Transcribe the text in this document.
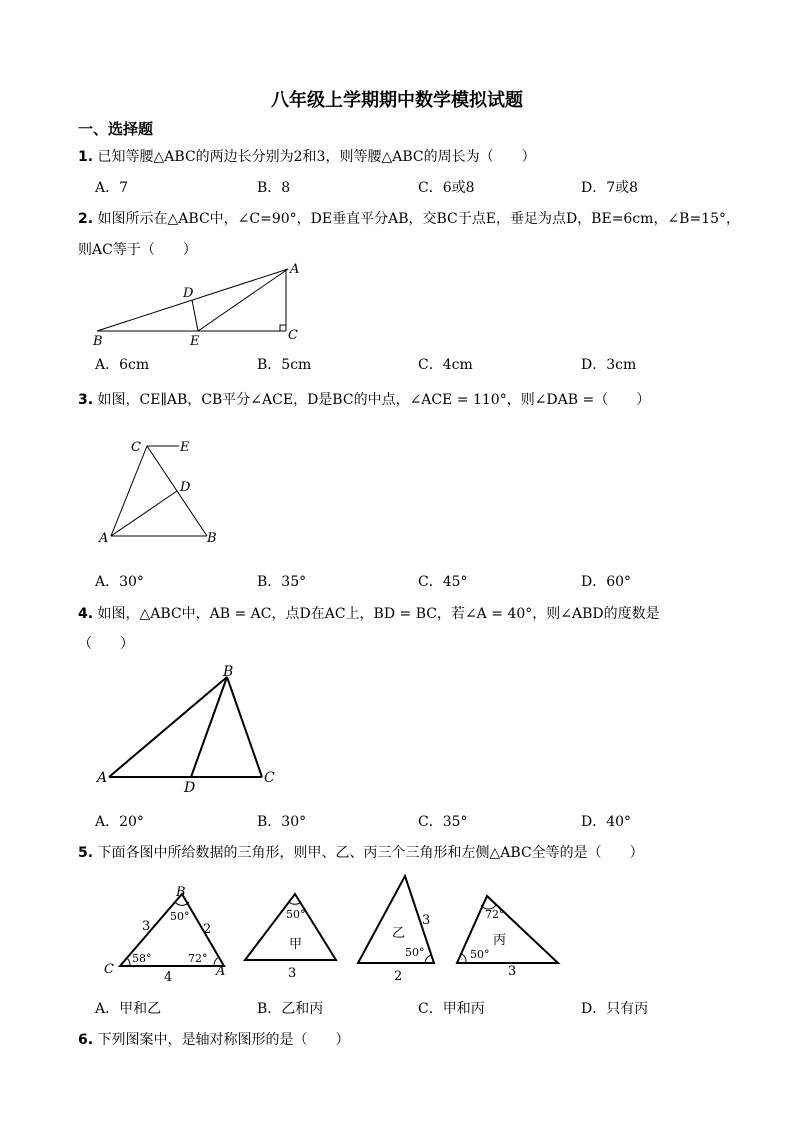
八年级上学期期中数学模拟试题
一、选择题
1. 已知等腰△ABC的两边长分别为2和3，则等腰△ABC的周长为（　　）
A．7	B．8	C．6或8	D．7或8
2. 如图所示在△ABC中，∠C=90°，DE垂直平分AB，交BC于点E，垂足为点D，BE=6cm，∠B=15°，
则AC等于（　　）
A
B	C
D
E
A．6cm	B．5cm	C．4cm	D．3cm
3. 如图，CE∥AB，CB平分∠ACE，D是BC的中点，∠ACE = 110°，则∠DAB =（　　）
C	E
D
A	B
A．30°	B．35°	C．45°	D．60°
4. 如图，△ABC中，AB = AC，点D在AC上，BD = BC，若∠A = 40°，则∠ABD的度数是
（　　）
B
A	C
D
A．20°	B．30°	C．35°	D．40°
5. 下面各图中所给数据的三角形，则甲、乙、丙三个三角形和左侧△ABC全等的是（　　）
B
C	A
50°
58°	72°
3	2
4
50°
甲
3
乙
50°
3
2
72°
丙
50°
3
A．甲和乙	B．乙和丙	C．甲和丙	D．只有丙
6. 下列图案中，是轴对称图形的是（　　）
